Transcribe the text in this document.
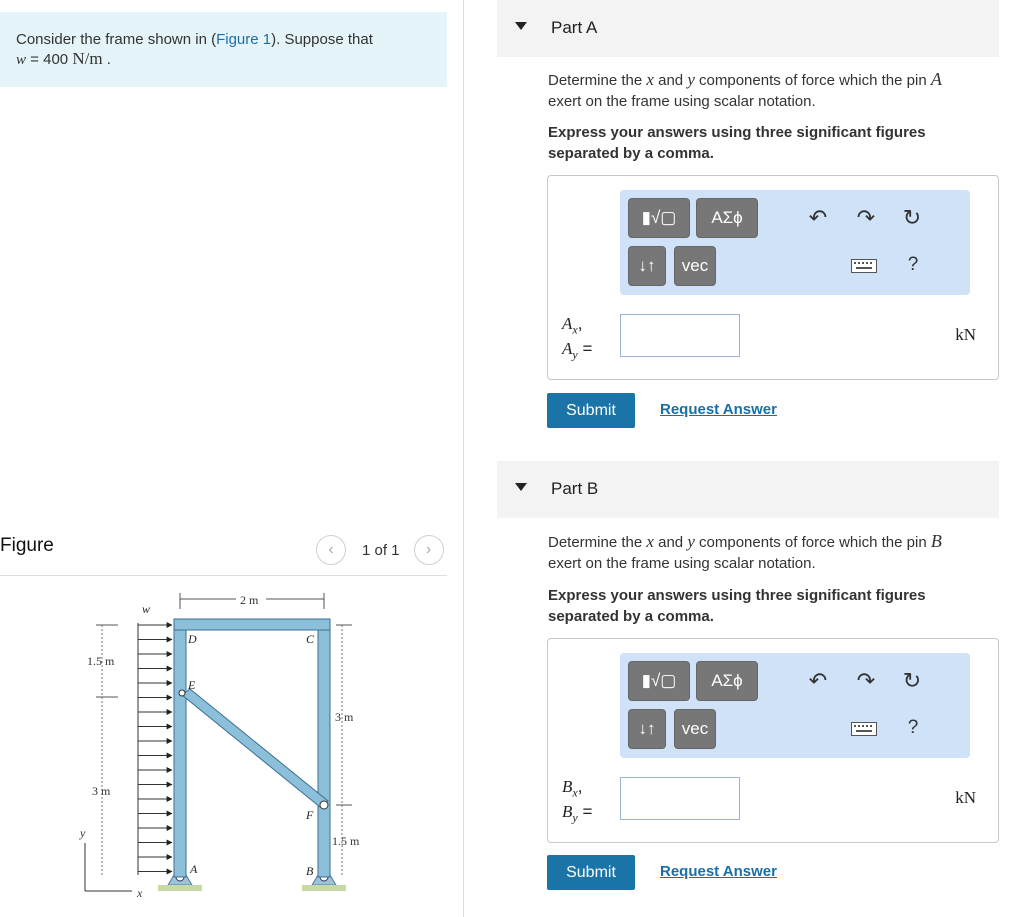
Consider the frame shown in (Figure 1). Suppose that
w = 400 N/m .
Figure	‹ 1 of 1 ›
2 m
1.5 m
3 m
3 m
1.5 m
y
x
w
D	C
E
F
A	B
Part A
Determine the x and y components of force which the pin A
exert on the frame using scalar notation.
Express your answers using three significant figures separated by a comma.
▮√▢ ΑΣϕ
↓↑ vec
↶ ↷ ↻
?
$A_x$,
$A_y$ =
kN
Submit	Request Answer
Part B
Determine the x and y components of force which the pin B
exert on the frame using scalar notation.
Express your answers using three significant figures separated by a comma.
▮√▢ ΑΣϕ
↓↑ vec
↶ ↷ ↻
?
$B_x$,
$B_y$ =
kN
Submit	Request Answer
